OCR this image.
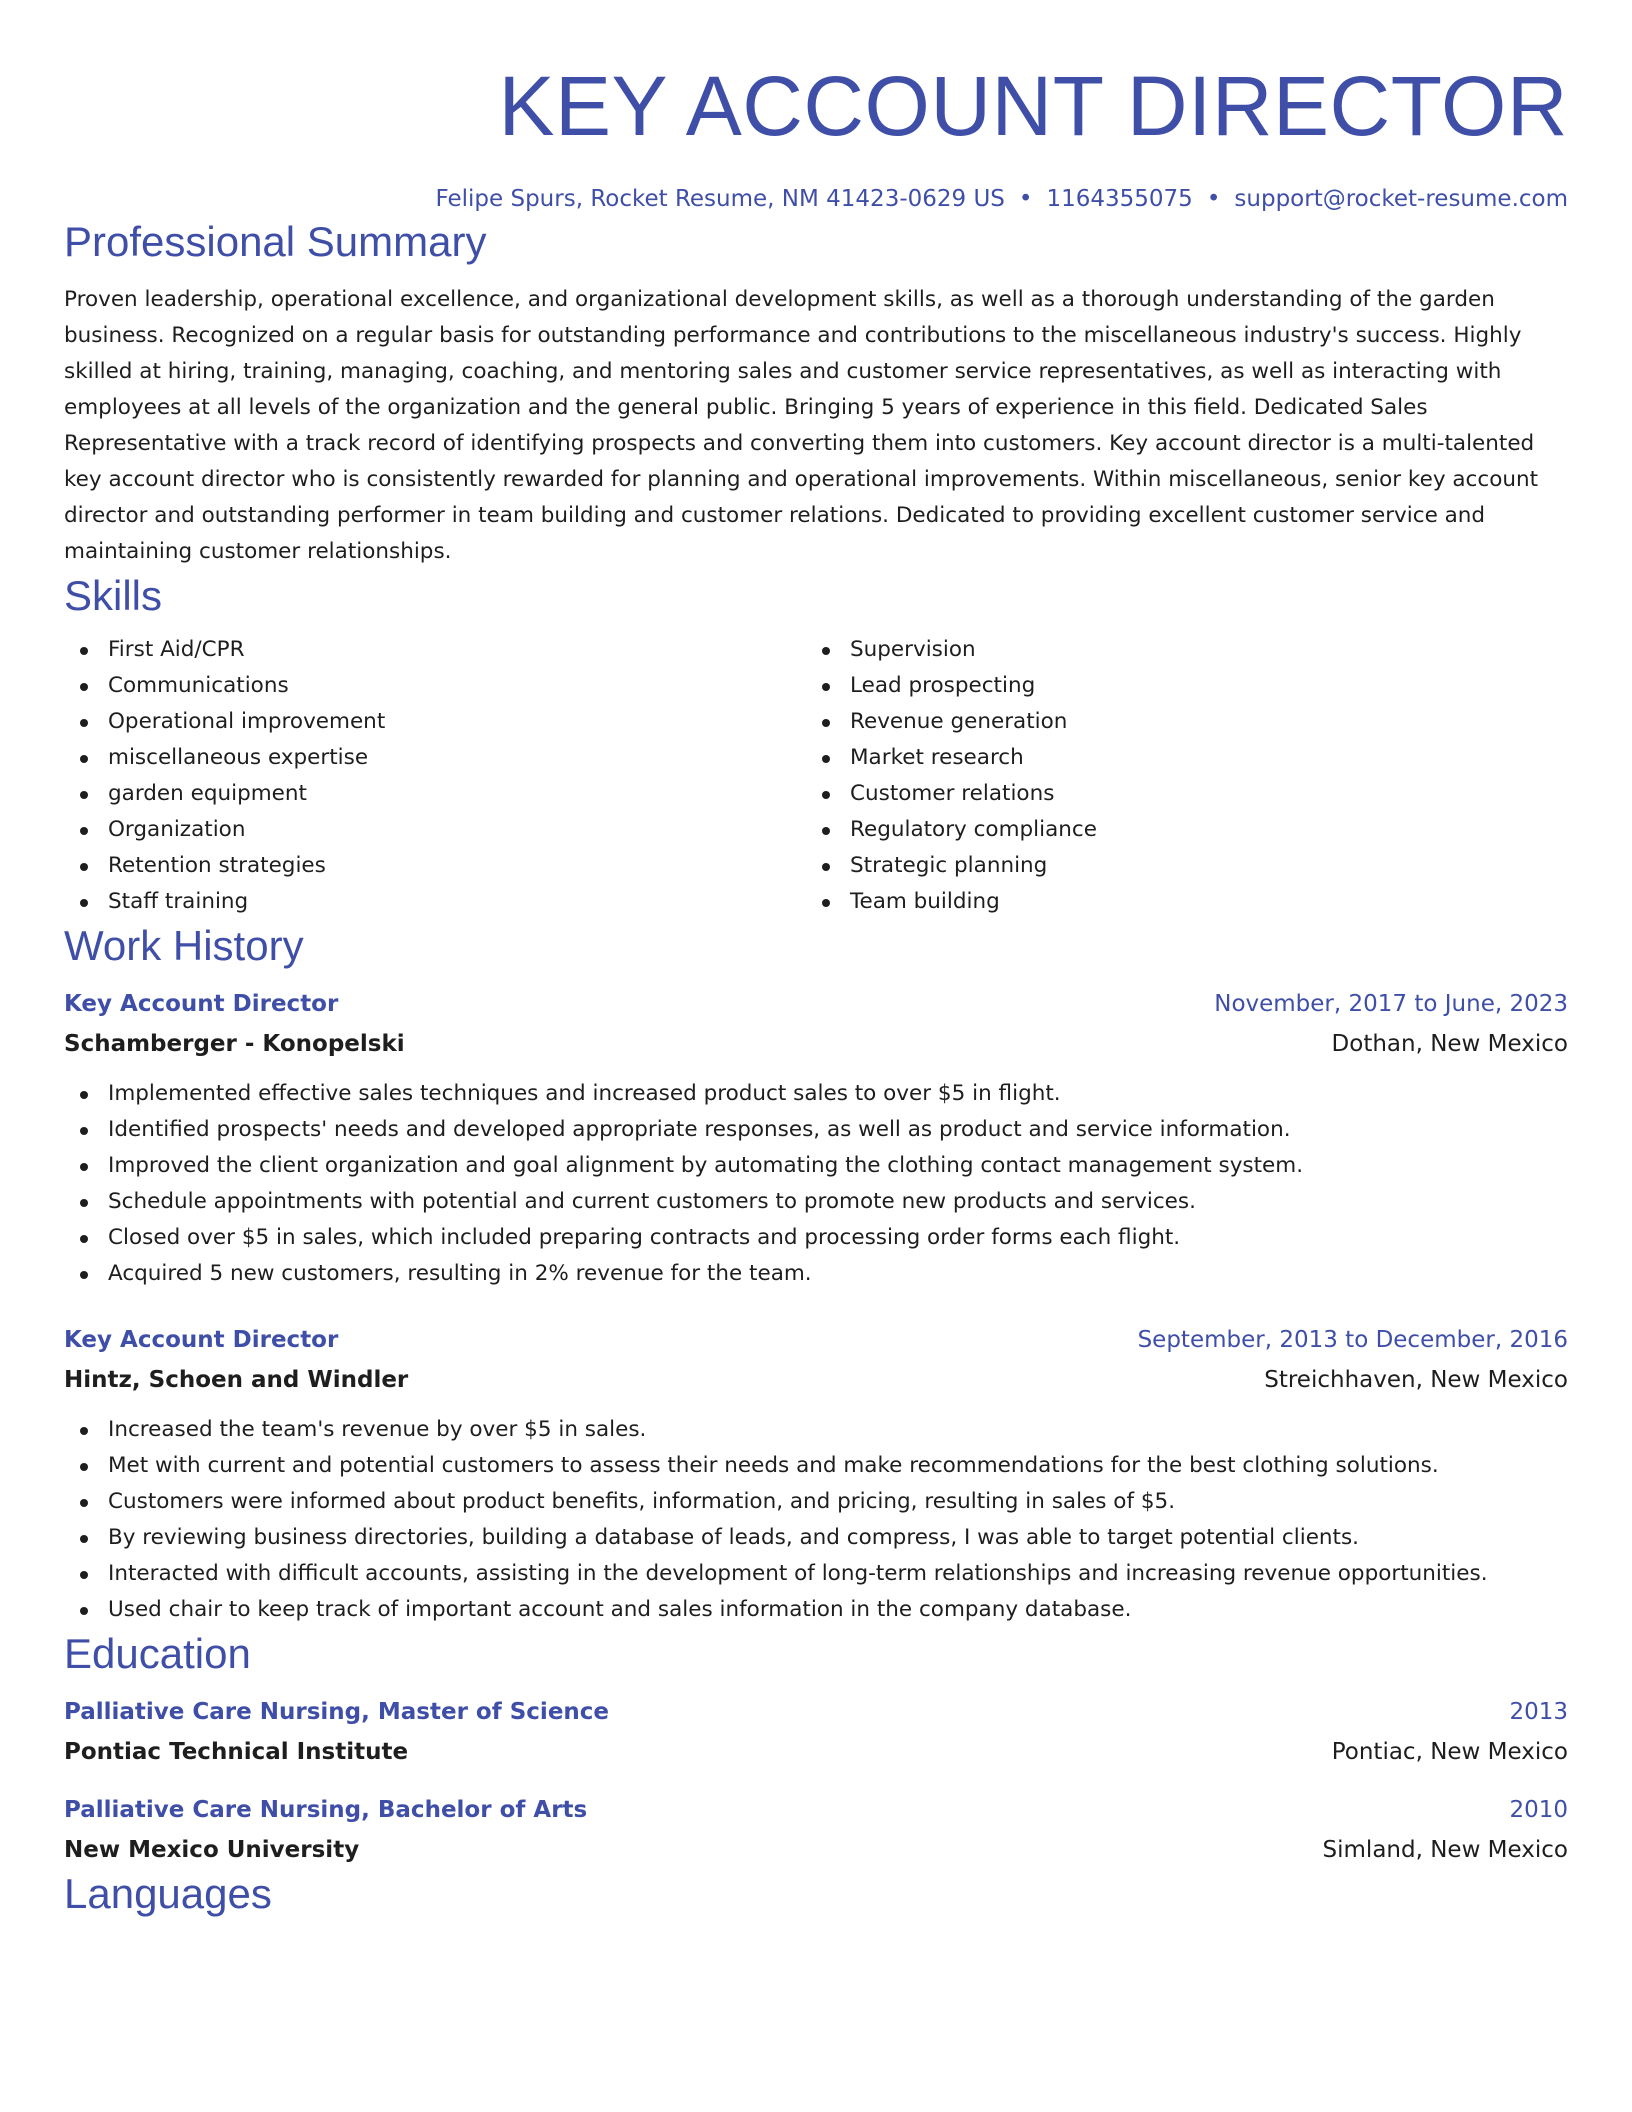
KEY ACCOUNT DIRECTOR
Felipe Spurs, Rocket Resume, NM 41423-0629 US • 1164355075 • support@rocket-resume.com
Professional Summary
Proven leadership, operational excellence, and organizational development skills, as well as a thorough understanding of the garden business. Recognized on a regular basis for outstanding performance and contributions to the miscellaneous industry's success. Highly skilled at hiring, training, managing, coaching, and mentoring sales and customer service representatives, as well as interacting with employees at all levels of the organization and the general public. Bringing 5 years of experience in this field. Dedicated Sales Representative with a track record of identifying prospects and converting them into customers. Key account director is a multi-talented key account director who is consistently rewarded for planning and operational improvements. Within miscellaneous, senior key account director and outstanding performer in team building and customer relations. Dedicated to providing excellent customer service and maintaining customer relationships.
Skills
First Aid/CPR
Communications
Operational improvement
miscellaneous expertise
garden equipment
Organization
Retention strategies
Staff training
Supervision
Lead prospecting
Revenue generation
Market research
Customer relations
Regulatory compliance
Strategic planning
Team building
Work History
Key Account Director	November, 2017 to June, 2023
Schamberger - Konopelski	Dothan, New Mexico
Implemented effective sales techniques and increased product sales to over $5 in flight.
Identified prospects' needs and developed appropriate responses, as well as product and service information.
Improved the client organization and goal alignment by automating the clothing contact management system.
Schedule appointments with potential and current customers to promote new products and services.
Closed over $5 in sales, which included preparing contracts and processing order forms each flight.
Acquired 5 new customers, resulting in 2% revenue for the team.
Key Account Director	September, 2013 to December, 2016
Hintz, Schoen and Windler	Streichhaven, New Mexico
Increased the team's revenue by over $5 in sales.
Met with current and potential customers to assess their needs and make recommendations for the best clothing solutions.
Customers were informed about product benefits, information, and pricing, resulting in sales of $5.
By reviewing business directories, building a database of leads, and compress, I was able to target potential clients.
Interacted with difficult accounts, assisting in the development of long-term relationships and increasing revenue opportunities.
Used chair to keep track of important account and sales information in the company database.
Education
Palliative Care Nursing, Master of Science	2013
Pontiac Technical Institute	Pontiac, New Mexico
Palliative Care Nursing, Bachelor of Arts	2010
New Mexico University	Simland, New Mexico
Languages
